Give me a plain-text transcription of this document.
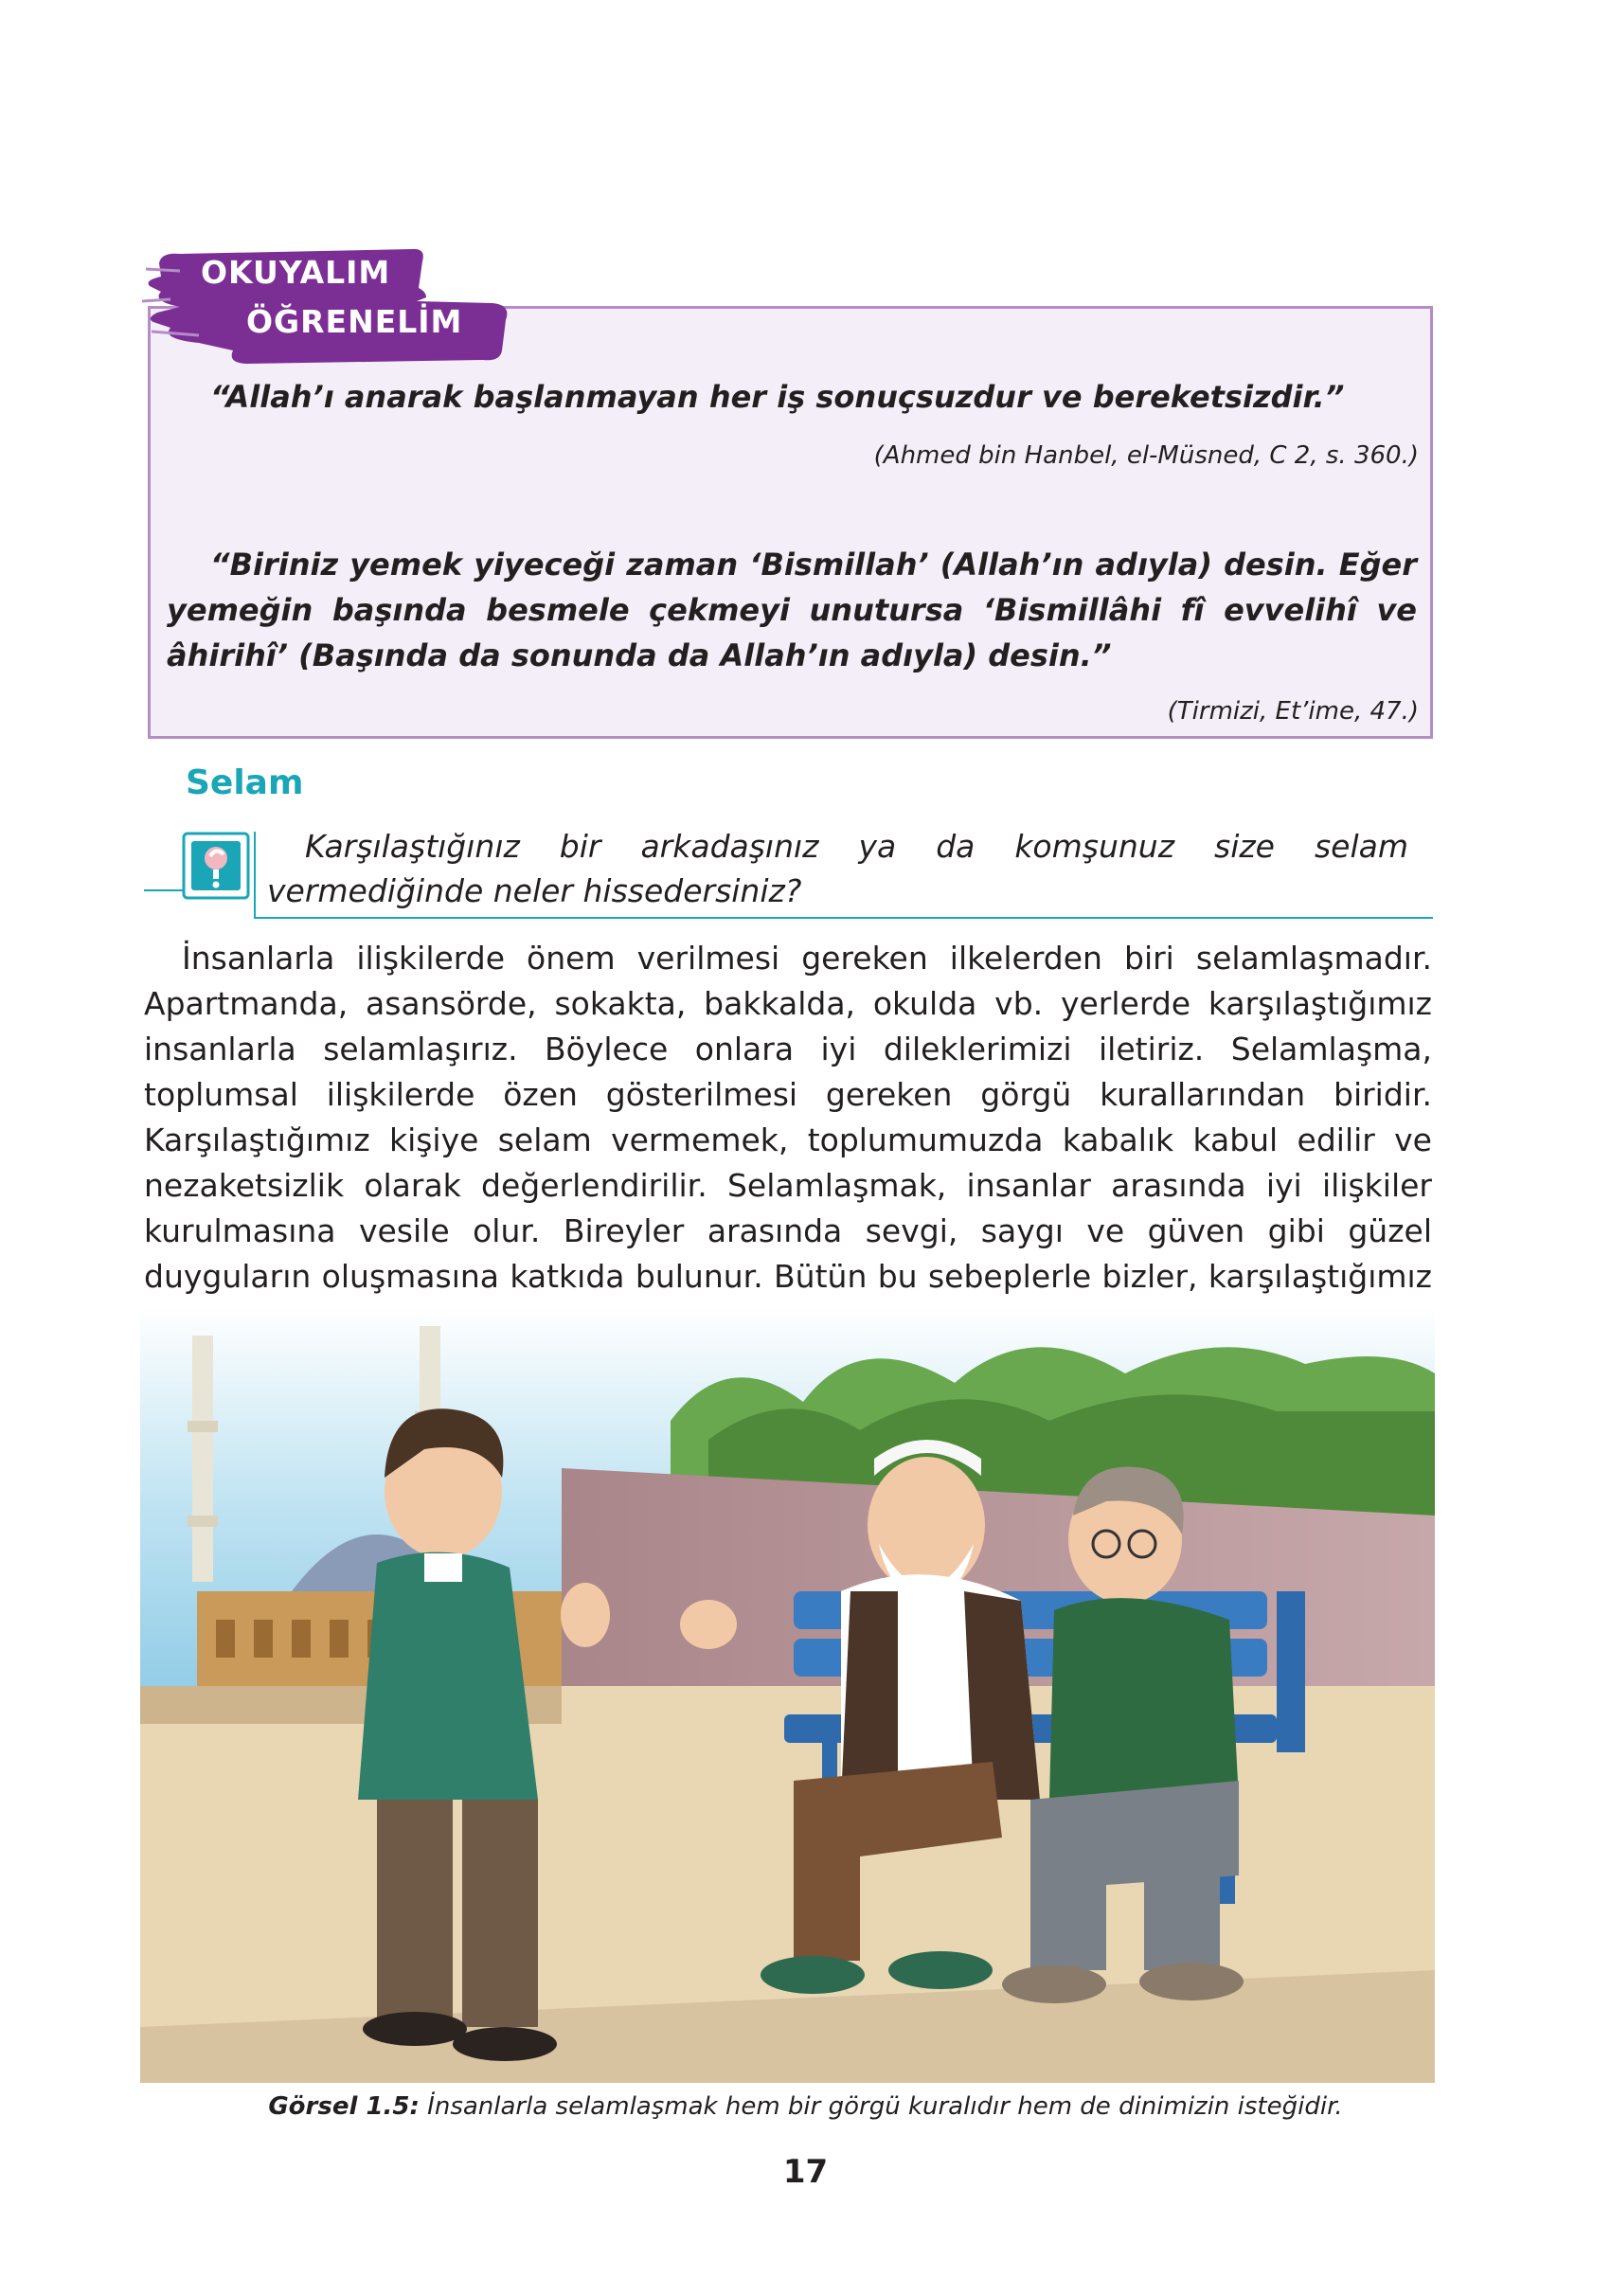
OKUYALIM
ÖĞRENELİM

“Allah’ı anarak başlanmayan her iş sonuçsuzdur ve bereketsizdir.”

(Ahmed bin Hanbel, el-Müsned, C 2, s. 360.)

“Biriniz yemek yiyeceği zaman ‘Bismillah’ (Allah’ın adıyla) desin. Eğer yemeğin başında besmele çekmeyi unutursa ‘Bismillâhi fî evvelihî ve âhirihî’ (Başında da sonunda da Allah’ın adıyla) desin.”

(Tirmizi, Et’ime, 47.)
Selam

Karşılaştığınız bir arkadaşınız ya da komşunuz size selam vermediğinde neler hissedersiniz?

İnsanlarla ilişkilerde önem verilmesi gereken ilkelerden biri selamlaşmadır. Apartmanda, asansörde, sokakta, bakkalda, okulda vb. yerlerde karşılaştığımız insanlarla selamlaşırız. Böylece onlara iyi dileklerimizi iletiriz. Selamlaşma, toplumsal ilişkilerde özen gösterilmesi gereken görgü kurallarından biridir. Karşılaştığımız kişiye selam vermemek, toplumumuzda kabalık kabul edilir ve nezaketsizlik olarak değerlendirilir. Selamlaşmak, insanlar arasında iyi ilişkiler kurulmasına vesile olur. Bireyler arasında sevgi, saygı ve güven gibi güzel duyguların oluşmasına katkıda bulunur. Bütün bu sebeplerle bizler, karşılaştığımız

Görsel 1.5: İnsanlarla selamlaşmak hem bir görgü kuralıdır hem de dinimizin isteğidir.
17
